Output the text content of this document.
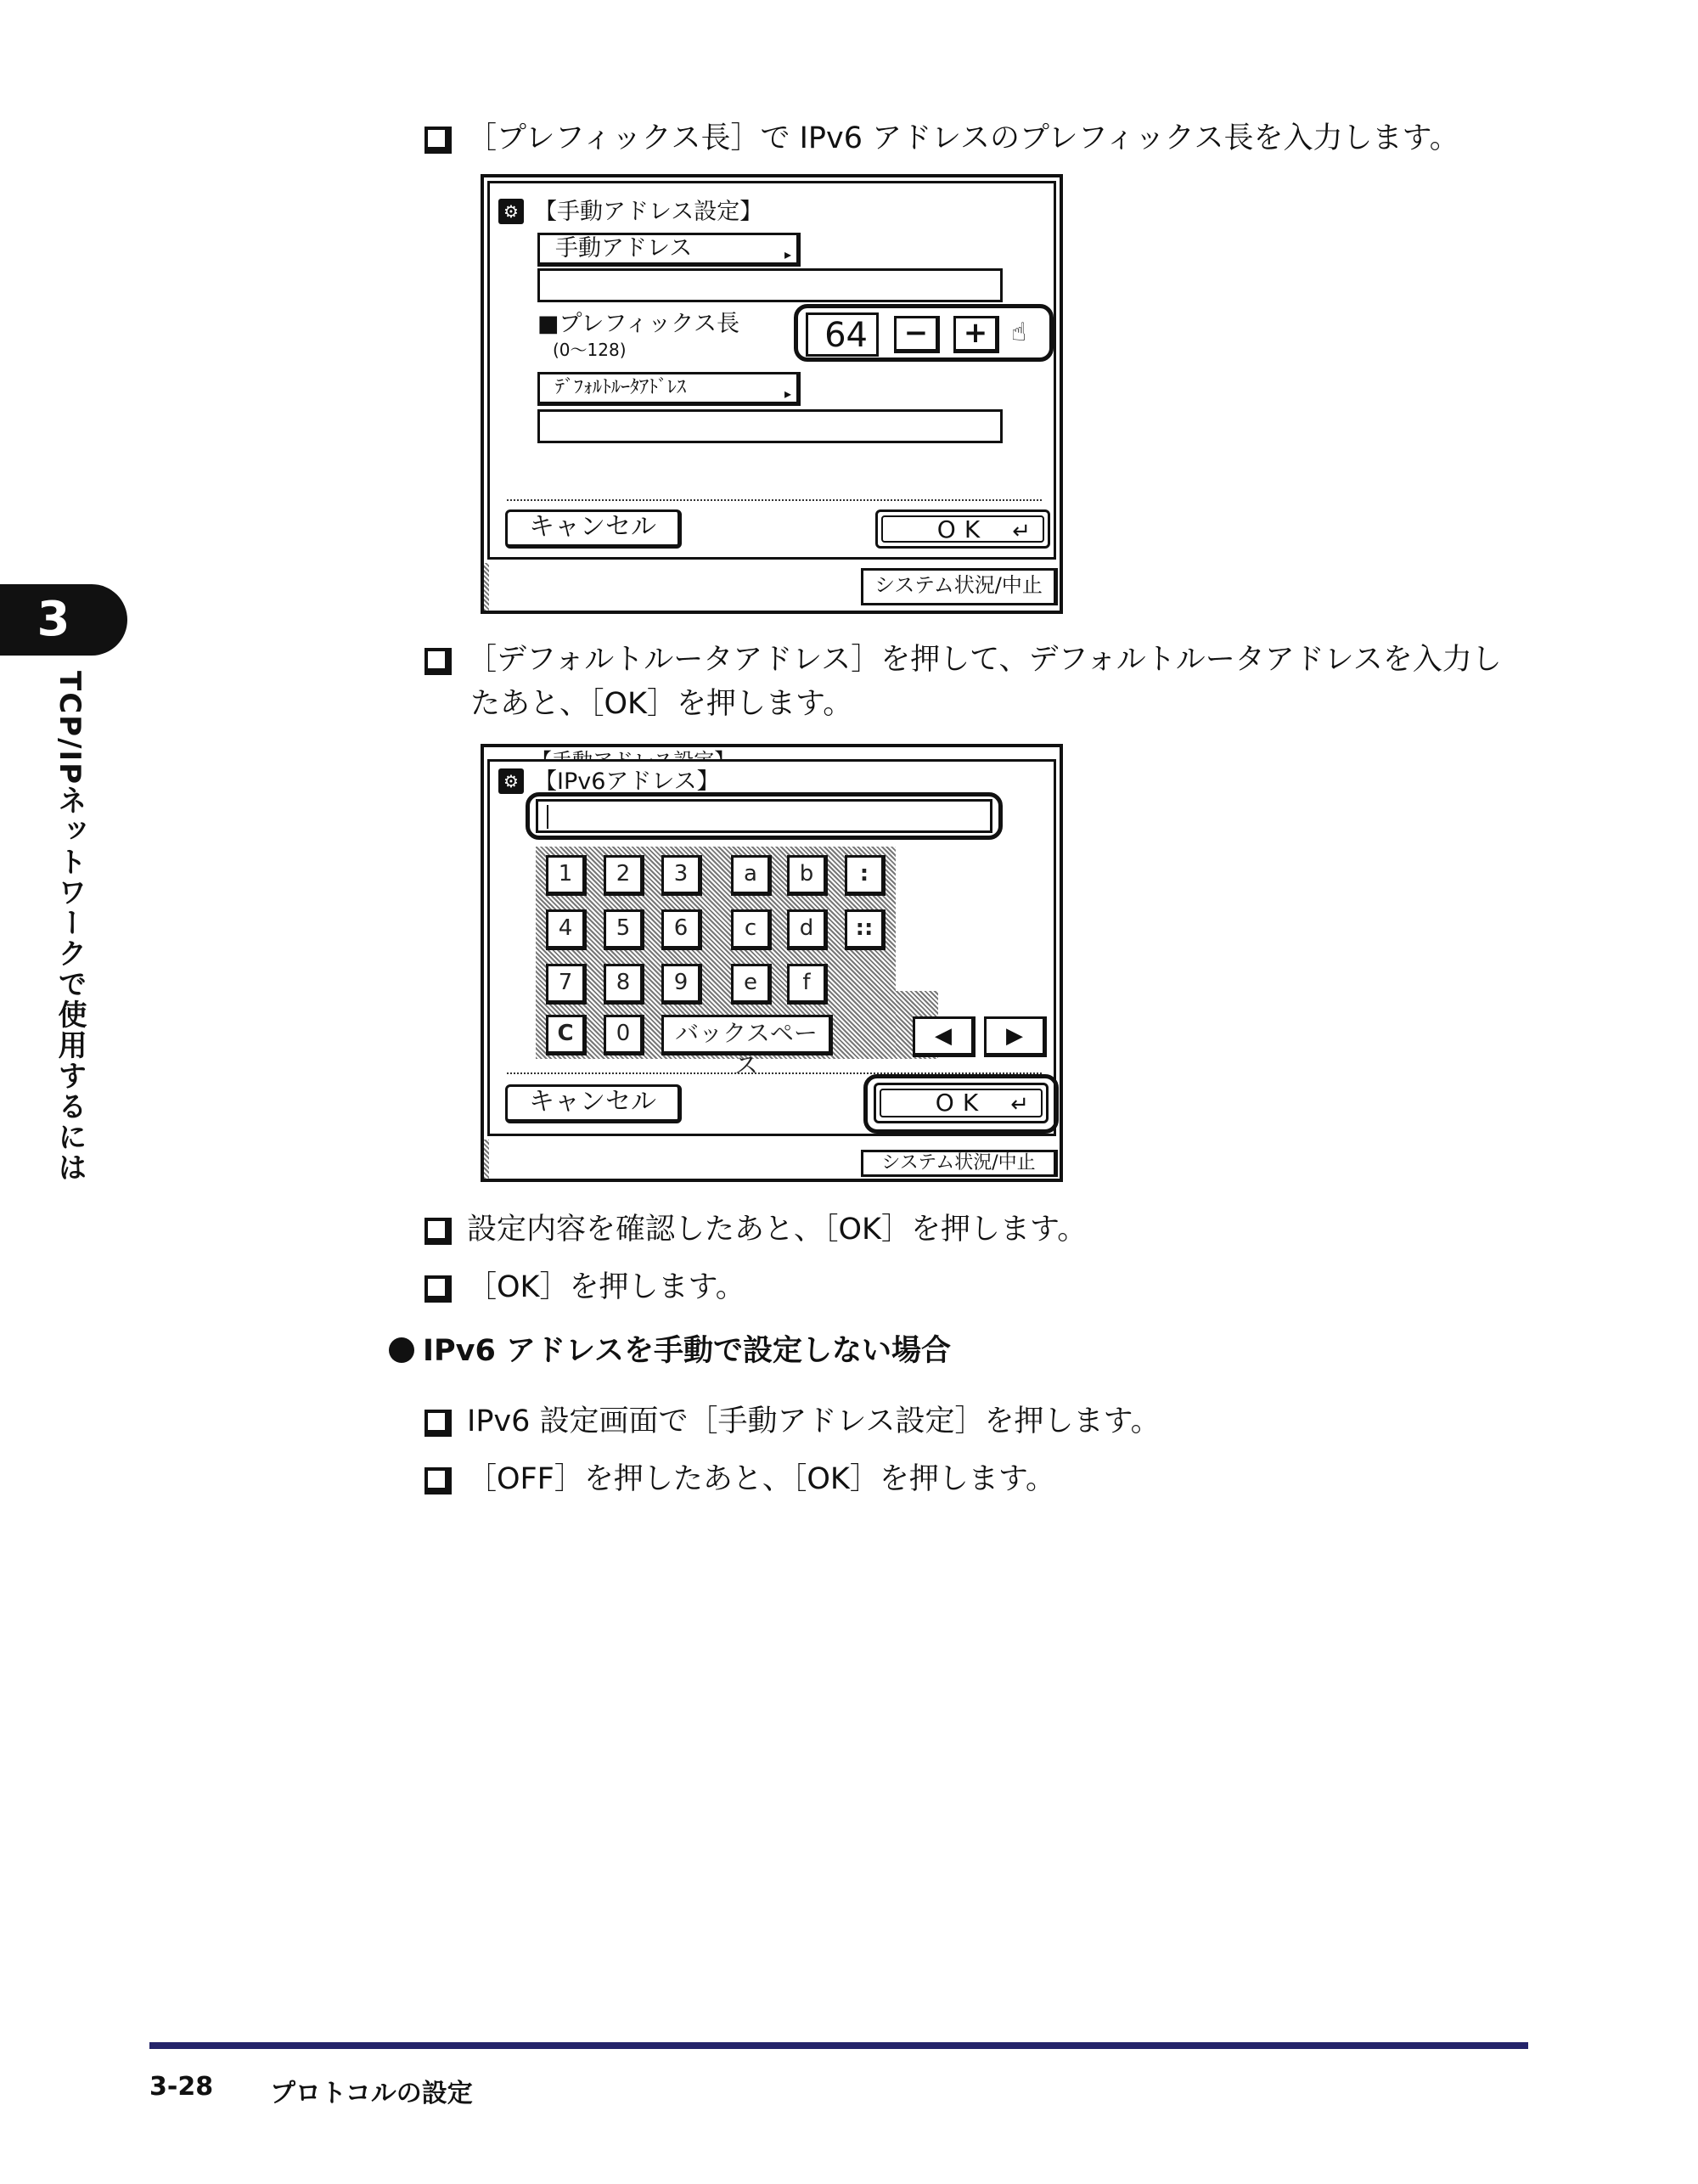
［プレフィックス長］で IPv6 アドレスのプレフィックス長を入力します。
⚙ 【手動アドレス設定】
手動アドレス	▸
■プレフィックス長
(0〜128)	64	−	+ ☝
ﾃﾞﾌｫﾙﾄﾙｰﾀｱﾄﾞﾚｽ	▸
キャンセル	OK ↵
システム状況/中止
［デフォルトルータアドレス］を押して、デフォルトルータアドレスを入力し
たあと、［OK］を押します。
⚙ 【IPv6アドレス】
1	2	3	a	b	:
4	5	6	c	d	::
7	8	9	e	f
C	0	バックスペース
◀	▶
キャンセル	OK ↵
システム状況/中止
設定内容を確認したあと、［OK］を押します。
［OK］を押します。
IPv6 アドレスを手動で設定しない場合
IPv6 設定画面で［手動アドレス設定］を押します。
［OFF］を押したあと、［OK］を押します。
3
TCP/IPネットワークで使用するには
3-28 プロトコルの設定
